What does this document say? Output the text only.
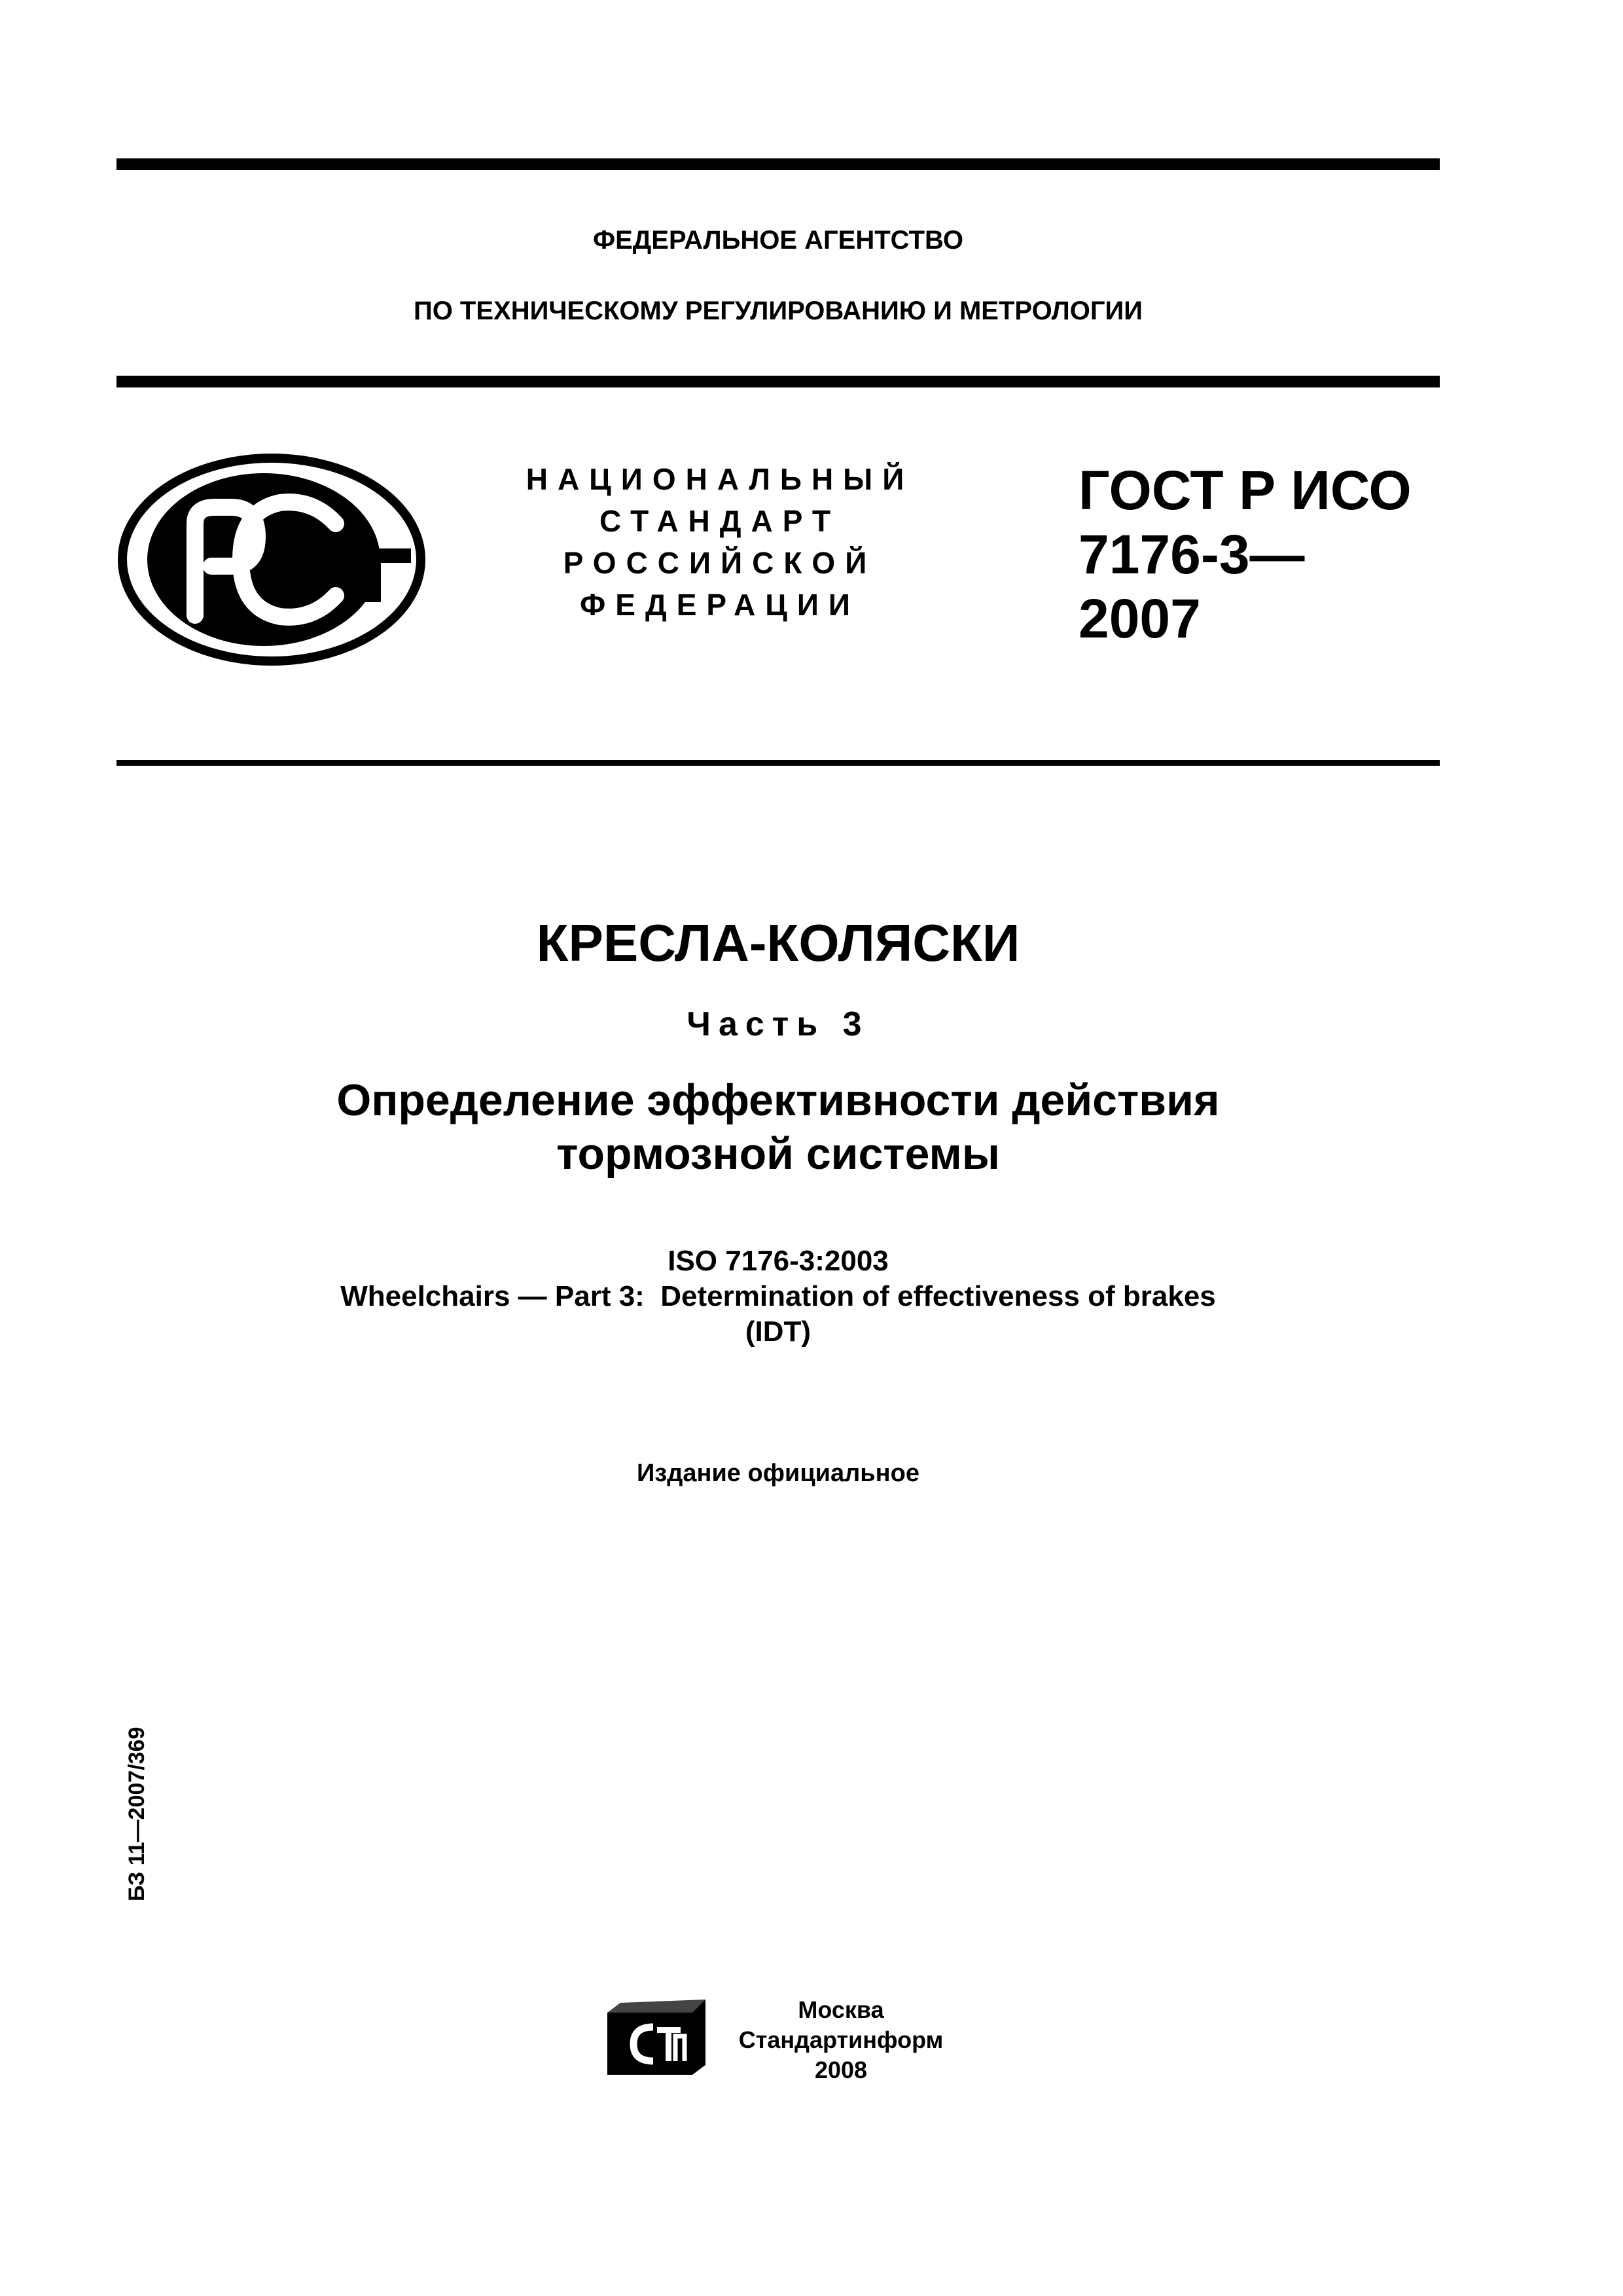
ФЕДЕРАЛЬНОЕ АГЕНТСТВО
ПО ТЕХНИЧЕСКОМУ РЕГУЛИРОВАНИЮ И МЕТРОЛОГИИ
НАЦИОНАЛЬНЫЙ
СТАНДАРТ
РОССИЙСКОЙ
ФЕДЕРАЦИИ
ГОСТ Р ИСО
7176-3—
2007
КРЕСЛА-КОЛЯСКИ
Часть 3
Определение эффективности действия
тормозной системы
ISO 7176-3:2003
Wheelchairs — Part 3:  Determination of effectiveness of brakes
(IDT)
Издание официальное
БЗ 11—2007/369
Москва
Стандартинформ
2008
